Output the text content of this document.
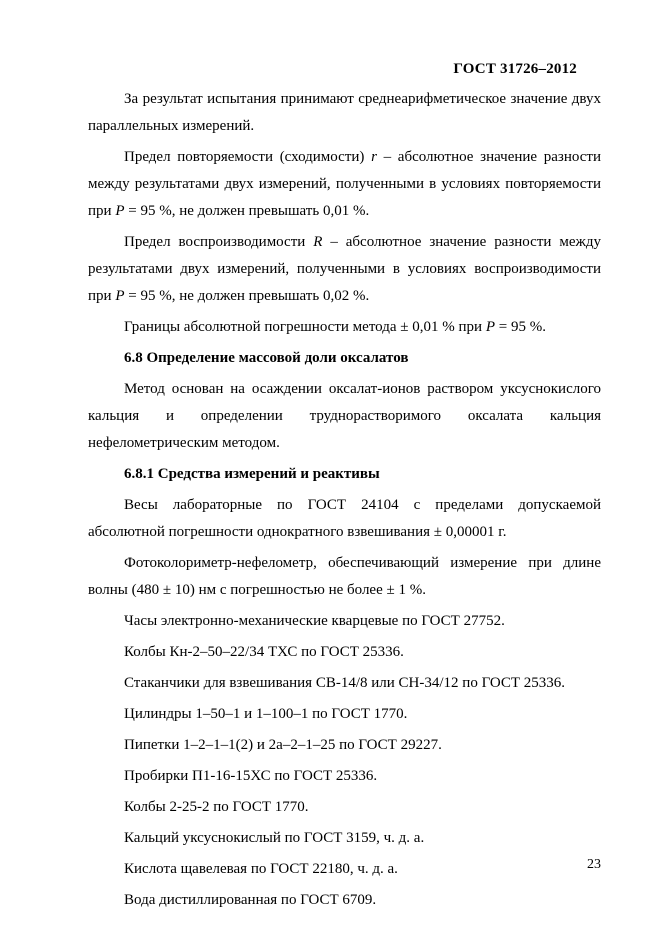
ГОСТ 31726–2012

За результат испытания принимают среднеарифметическое значение двух параллельных измерений.

Предел повторяемости (сходимости) r – абсолютное значение разности между результатами двух измерений, полученными в условиях повторяемости при P = 95 %, не должен превышать 0,01 %.

Предел воспроизводимости R – абсолютное значение разности между результатами двух измерений, полученными в условиях воспроизводимости при P = 95 %, не должен превышать 0,02 %.

Границы абсолютной погрешности метода ± 0,01 % при P = 95 %.

6.8 Определение массовой доли оксалатов

Метод основан на осаждении оксалат-ионов раствором уксуснокислого кальция и определении труднорастворимого оксалата кальция нефелометрическим методом.

6.8.1 Средства измерений и реактивы

Весы лабораторные по ГОСТ 24104 с пределами допускаемой абсолютной погрешности однократного взвешивания ± 0,00001 г.

Фотоколориметр-нефелометр, обеспечивающий измерение при длине волны (480 ± 10) нм с погрешностью не более ± 1 %.

Часы электронно-механические кварцевые по ГОСТ 27752.

Колбы Кн-2–50–22/34 ТХС по ГОСТ 25336.

Стаканчики для взвешивания СВ-14/8 или СН-34/12 по ГОСТ 25336.

Цилиндры 1–50–1 и 1–100–1 по ГОСТ 1770.

Пипетки 1–2–1–1(2) и 2а–2–1–25 по ГОСТ 29227.

Пробирки П1-16-15ХС по ГОСТ 25336.

Колбы 2-25-2 по ГОСТ 1770.

Кальций уксуснокислый по ГОСТ 3159, ч. д. а.

Кислота щавелевая по ГОСТ 22180, ч. д. а.

Вода дистиллированная по ГОСТ 6709.

23
